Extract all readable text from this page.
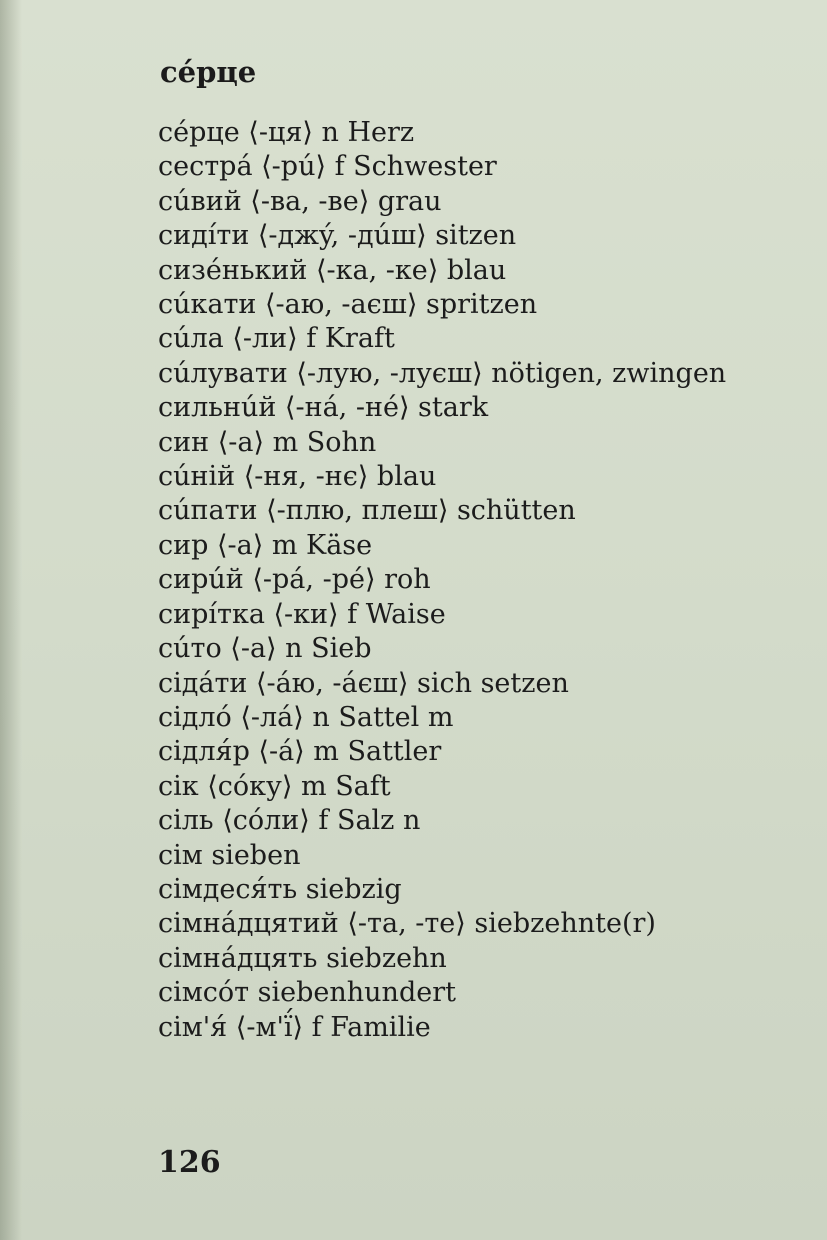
сéрце
сéрце ⟨-ця⟩ n Herz
сестрá ⟨-рú⟩ f Schwester
сúвий ⟨-ва, -ве⟩ grau
сидíти ⟨-джý, -дúш⟩ sitzen
сизéнький ⟨-ка, -ке⟩ blau
сúкати ⟨-аю, -аєш⟩ spritzen
сúла ⟨-ли⟩ f Kraft
сúлувати ⟨-лую, -луєш⟩ nötigen, zwingen
сильнúй ⟨-нá, -нé⟩ stark
син ⟨-а⟩ m Sohn
сúній ⟨-ня, -нє⟩ blau
сúпати ⟨-плю, плеш⟩ schütten
сир ⟨-а⟩ m Käse
сирúй ⟨-рá, -рé⟩ roh
сирíтка ⟨-ки⟩ f Waise
сúто ⟨-а⟩ n Sieb
сідáти ⟨-áю, -áєш⟩ sich setzen
сідлó ⟨-лá⟩ n Sattel m
сідля́р ⟨-á⟩ m Sattler
сік ⟨сóку⟩ m Saft
сіль ⟨сóли⟩ f Salz n
сім sieben
сімдеся́ть siebzig
сімнáдцятий ⟨-та, -те⟩ siebzehnte(r)
сімнáдцять siebzehn
сімсóт siebenhundert
сім'я́ ⟨-м'ї́⟩ f Familie
126
